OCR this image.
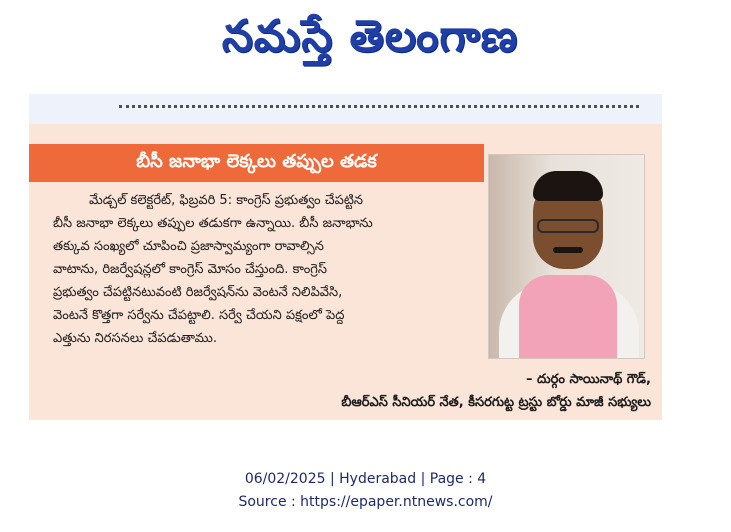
నమస్తే తెలంగాణ
బీసీ జనాభా లెక్కలు తప్పుల తడక
మేడ్చల్ కలెక్టరేట్, ఫిబ్రవరి 5: కాంగ్రెస్ ప్రభుత్వం చేపట్టిన
బీసీ జనాభా లెక్కలు తప్పుల తడుకగా ఉన్నాయి. బీసీ జనాభాను
తక్కువ సంఖ్యలో చూపించి ప్రజాస్వామ్యంగా రావాల్సిన
వాటాను, రిజర్వేషన్లలో కాంగ్రెస్ మోసం చేస్తుంది. కాంగ్రెస్
ప్రభుత్వం చేపట్టినటువంటి రిజర్వేషన్‌ను వెంటనే నిలిపివేసి,
వెంటనే కొత్తగా సర్వేను చేపట్టాలి. సర్వే చేయని పక్షంలో పెద్ద
ఎత్తును నిరసనలు చేపడుతాము.
– దుర్గం సాయినాథ్ గౌడ్,
బీఆర్ఎస్ సీనియర్ నేత, కీసరగుట్ట ట్రస్టు బోర్డు మాజీ సభ్యులు
06/02/2025 | Hyderabad | Page : 4
Source : https://epaper.ntnews.com/
